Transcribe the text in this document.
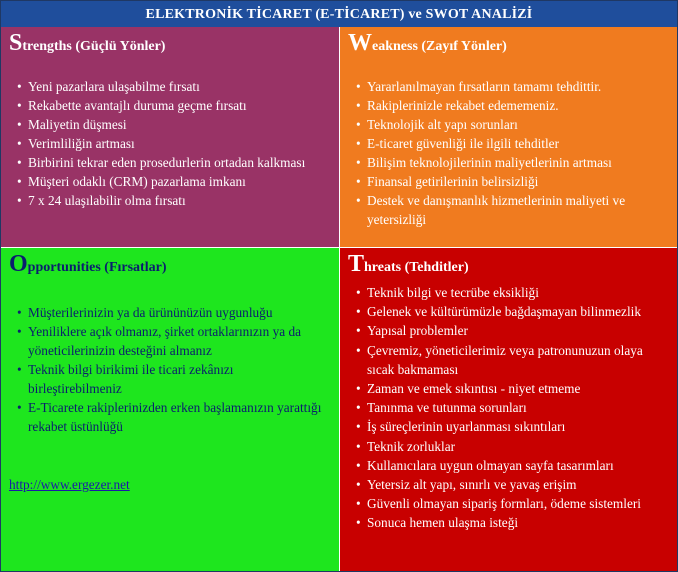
ELEKTRONİK TİCARET (E-TİCARET) ve SWOT ANALİZİ
Strengths (Güçlü Yönler)
• Yeni pazarlara ulaşabilme fırsatı
• Rekabette avantajlı duruma geçme fırsatı
• Maliyetin düşmesi
• Verimliliğin artması
• Birbirini tekrar eden prosedurlerin ortadan kalkması
• Müşteri odaklı (CRM) pazarlama imkanı
• 7 x 24 ulaşılabilir olma fırsatı
Weakness (Zayıf Yönler)
• Yararlanılmayan fırsatların tamamı tehdittir.
• Rakiplerinizle rekabet edememeniz.
• Teknolojik alt yapı sorunları
• E-ticaret güvenliği ile ilgili tehditler
• Bilişim teknolojilerinin maliyetlerinin artması
• Finansal getirilerinin belirsizliği
• Destek ve danışmanlık hizmetlerinin maliyeti ve yetersizliği
Opportunities (Fırsatlar)
• Müşterilerinizin ya da ürününüzün uygunluğu
• Yeniliklere açık olmanız, şirket ortaklarınızın ya da yöneticilerinizin desteğini almanız
• Teknik bilgi birikimi ile ticari zekânızı birleştirebilmeniz
• E-Ticarete rakiplerinizden erken başlamanızın yarattığı rekabet üstünlüğü
http://www.ergezer.net
Threats (Tehditler)
• Teknik bilgi ve tecrübe eksikliği
• Gelenek ve kültürümüzle bağdaşmayan bilinmezlik
• Yapısal problemler
• Çevremiz, yöneticilerimiz veya patronunuzun olaya sıcak bakmaması
• Zaman ve emek sıkıntısı - niyet etmeme
• Tanınma ve tutunma sorunları
• İş süreçlerinin uyarlanması sıkıntıları
• Teknik zorluklar
• Kullanıcılara uygun olmayan sayfa tasarımları
• Yetersiz alt yapı, sınırlı ve yavaş erişim
• Güvenli olmayan sipariş formları, ödeme sistemleri
• Sonuca hemen ulaşma isteği
